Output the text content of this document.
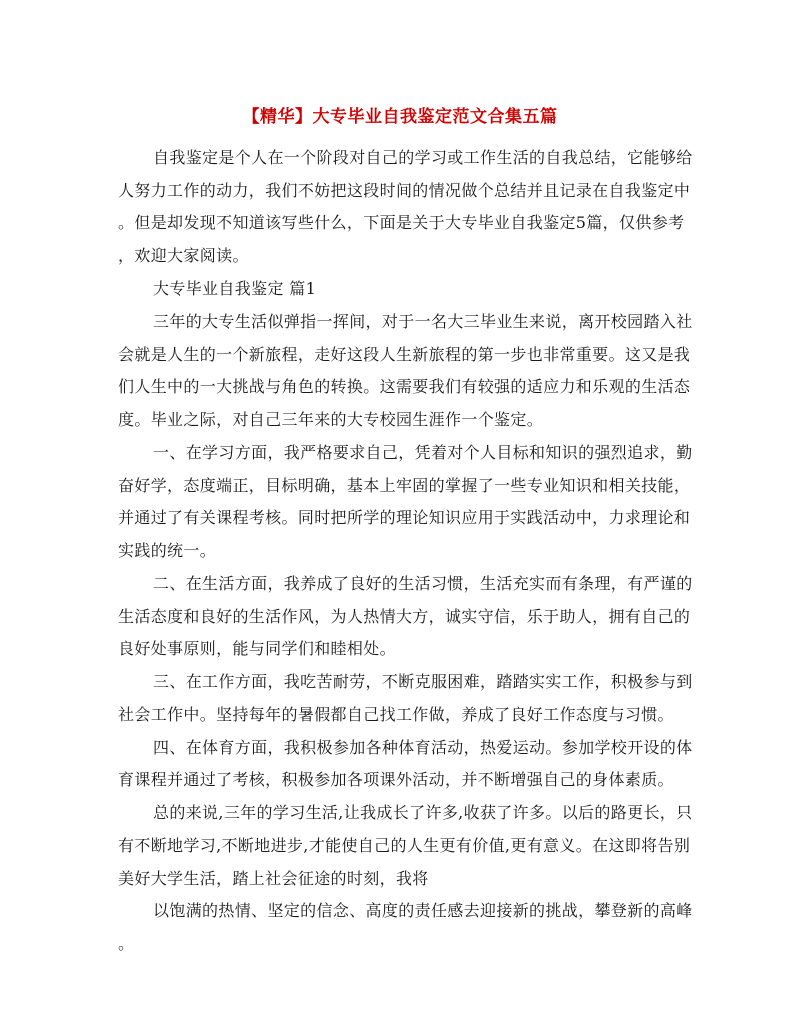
【精华】大专毕业自我鉴定范文合集五篇
自我鉴定是个人在一个阶段对自己的学习或工作生活的自我总结，它能够给
人努力工作的动力，我们不妨把这段时间的情况做个总结并且记录在自我鉴定中
。但是却发现不知道该写些什么，下面是关于大专毕业自我鉴定5篇，仅供参考
，欢迎大家阅读。
大专毕业自我鉴定 篇1
三年的大专生活似弹指一挥间，对于一名大三毕业生来说，离开校园踏入社
会就是人生的一个新旅程，走好这段人生新旅程的第一步也非常重要。这又是我
们人生中的一大挑战与角色的转换。这需要我们有较强的适应力和乐观的生活态
度。毕业之际，对自己三年来的大专校园生涯作一个鉴定。
一、在学习方面，我严格要求自己，凭着对个人目标和知识的强烈追求，勤
奋好学，态度端正，目标明确，基本上牢固的掌握了一些专业知识和相关技能，
并通过了有关课程考核。同时把所学的理论知识应用于实践活动中，力求理论和
实践的统一。
二、在生活方面，我养成了良好的生活习惯，生活充实而有条理，有严谨的
生活态度和良好的生活作风，为人热情大方，诚实守信，乐于助人，拥有自己的
良好处事原则，能与同学们和睦相处。
三、在工作方面，我吃苦耐劳，不断克服困难，踏踏实实工作，积极参与到
社会工作中。坚持每年的暑假都自己找工作做，养成了良好工作态度与习惯。
四、在体育方面，我积极参加各种体育活动，热爱运动。参加学校开设的体
育课程并通过了考核，积极参加各项课外活动，并不断增强自己的身体素质。
总的来说,三年的学习生活,让我成长了许多,收获了许多。以后的路更长，只
有不断地学习,不断地进步,才能使自己的人生更有价值,更有意义。在这即将告别
美好大学生活，踏上社会征途的时刻，我将
以饱满的热情、坚定的信念、高度的责任感去迎接新的挑战，攀登新的高峰
。
